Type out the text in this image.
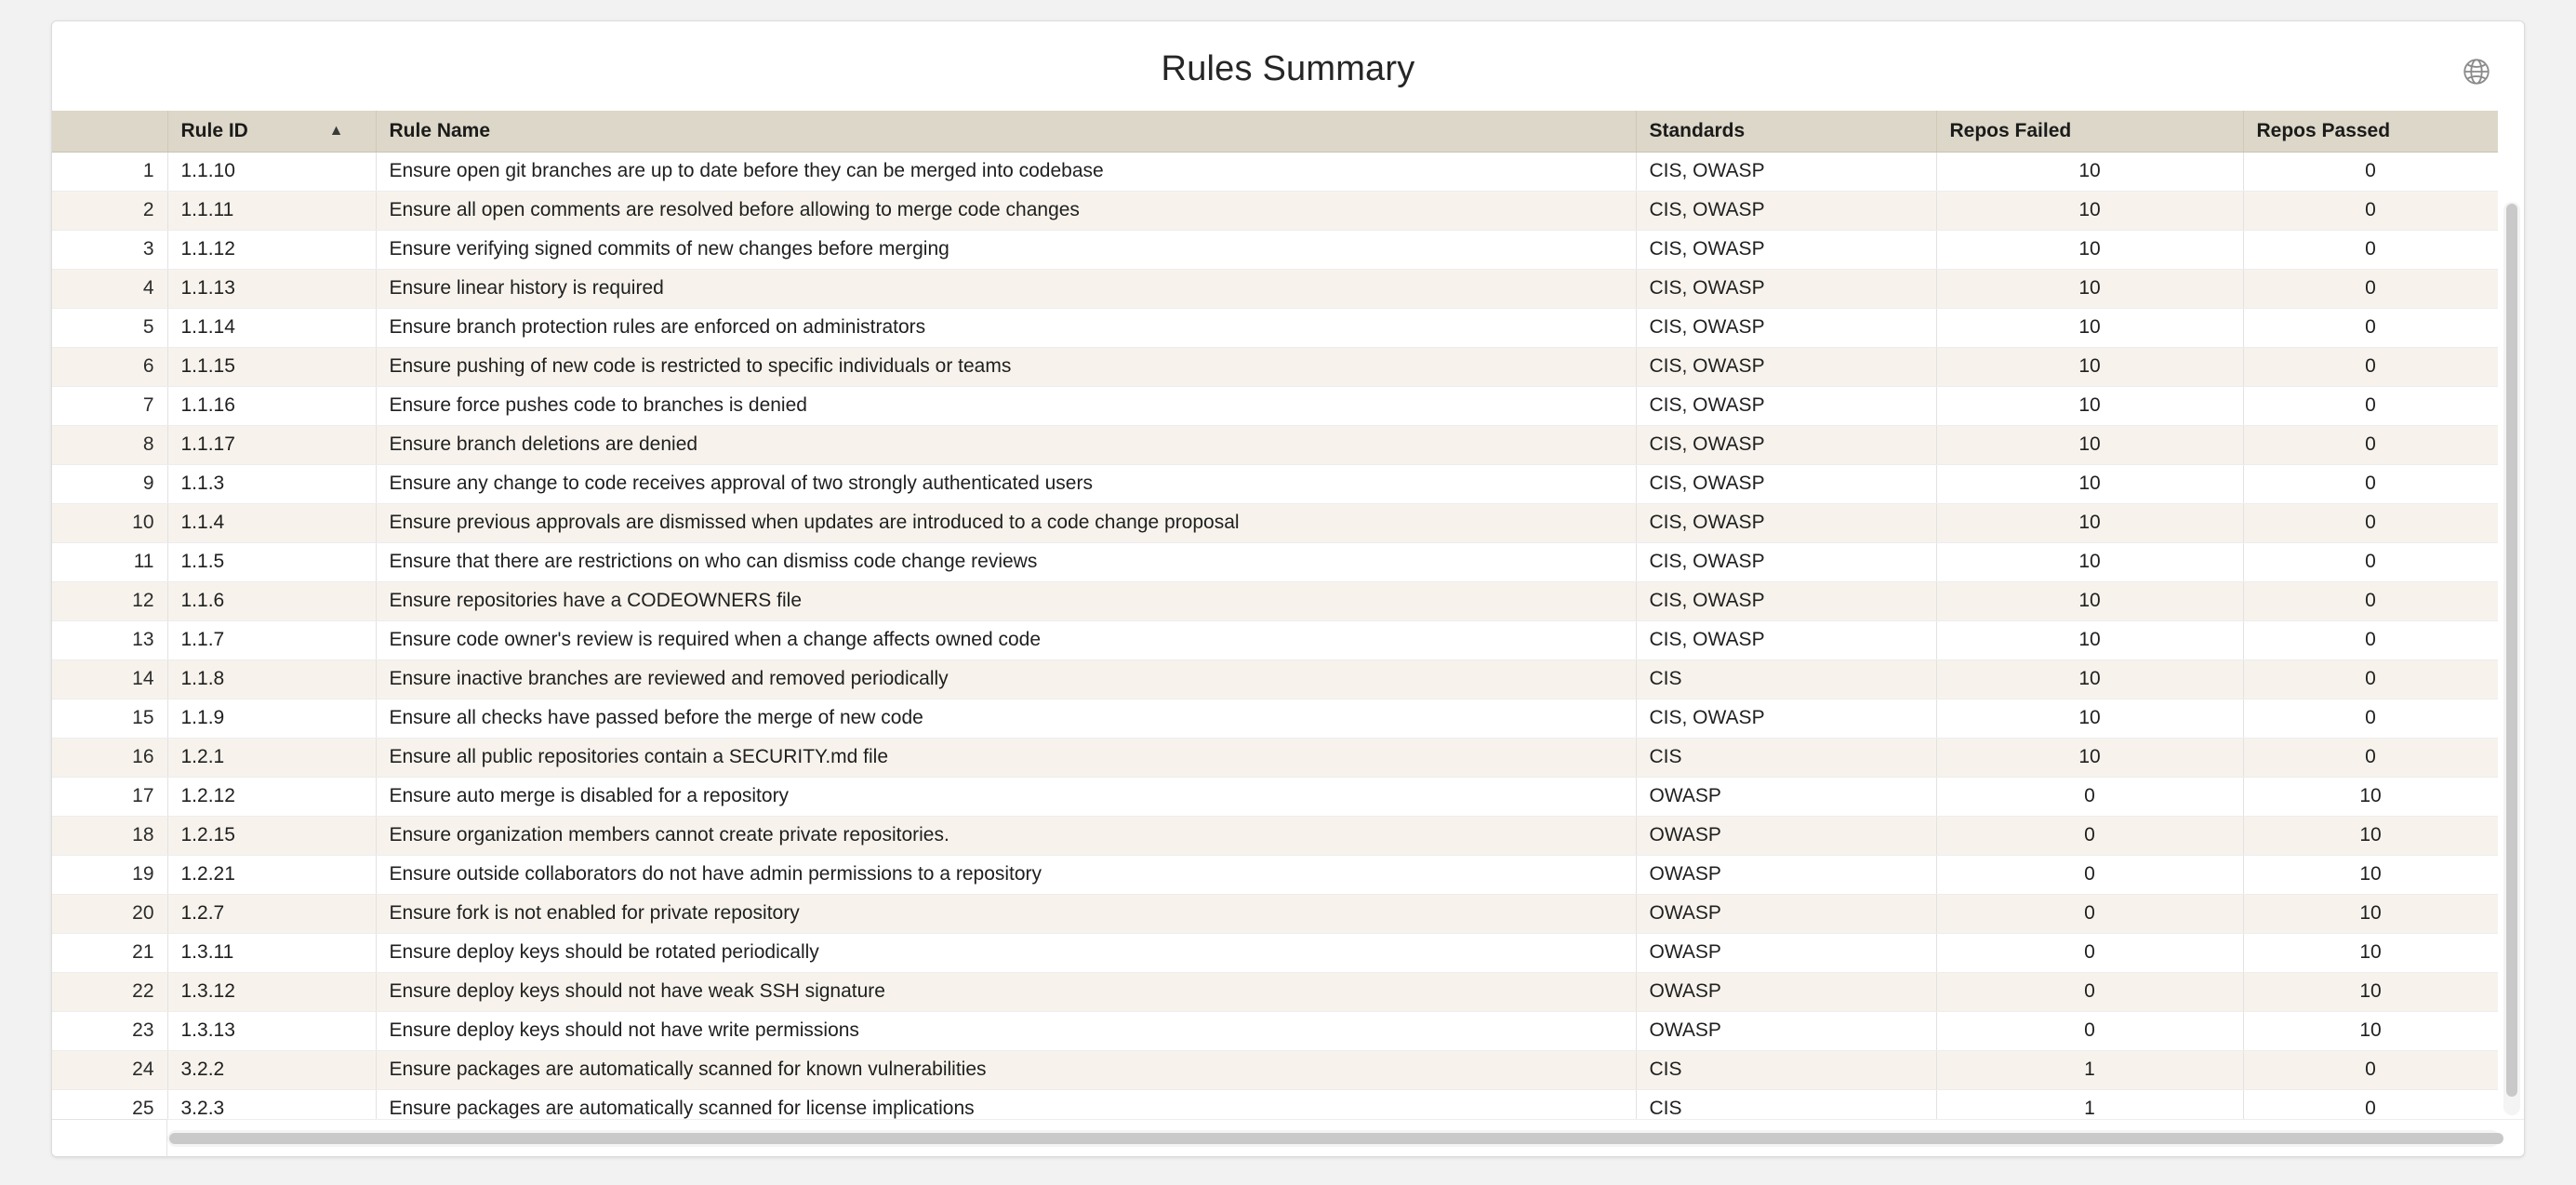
Rules Summary
	Rule ID ▲	Rule Name	Standards	Repos Failed	Repos Passed
1	1.1.10	Ensure open git branches are up to date before they can be merged into codebase	CIS, OWASP	10	0
2	1.1.11	Ensure all open comments are resolved before allowing to merge code changes	CIS, OWASP	10	0
3	1.1.12	Ensure verifying signed commits of new changes before merging	CIS, OWASP	10	0
4	1.1.13	Ensure linear history is required	CIS, OWASP	10	0
5	1.1.14	Ensure branch protection rules are enforced on administrators	CIS, OWASP	10	0
6	1.1.15	Ensure pushing of new code is restricted to specific individuals or teams	CIS, OWASP	10	0
7	1.1.16	Ensure force pushes code to branches is denied	CIS, OWASP	10	0
8	1.1.17	Ensure branch deletions are denied	CIS, OWASP	10	0
9	1.1.3	Ensure any change to code receives approval of two strongly authenticated users	CIS, OWASP	10	0
10	1.1.4	Ensure previous approvals are dismissed when updates are introduced to a code change proposal	CIS, OWASP	10	0
11	1.1.5	Ensure that there are restrictions on who can dismiss code change reviews	CIS, OWASP	10	0
12	1.1.6	Ensure repositories have a CODEOWNERS file	CIS, OWASP	10	0
13	1.1.7	Ensure code owner's review is required when a change affects owned code	CIS, OWASP	10	0
14	1.1.8	Ensure inactive branches are reviewed and removed periodically	CIS	10	0
15	1.1.9	Ensure all checks have passed before the merge of new code	CIS, OWASP	10	0
16	1.2.1	Ensure all public repositories contain a SECURITY.md file	CIS	10	0
17	1.2.12	Ensure auto merge is disabled for a repository	OWASP	0	10
18	1.2.15	Ensure organization members cannot create private repositories.	OWASP	0	10
19	1.2.21	Ensure outside collaborators do not have admin permissions to a repository	OWASP	0	10
20	1.2.7	Ensure fork is not enabled for private repository	OWASP	0	10
21	1.3.11	Ensure deploy keys should be rotated periodically	OWASP	0	10
22	1.3.12	Ensure deploy keys should not have weak SSH signature	OWASP	0	10
23	1.3.13	Ensure deploy keys should not have write permissions	OWASP	0	10
24	3.2.2	Ensure packages are automatically scanned for known vulnerabilities	CIS	1	0
25	3.2.3	Ensure packages are automatically scanned for license implications	CIS	1	0
